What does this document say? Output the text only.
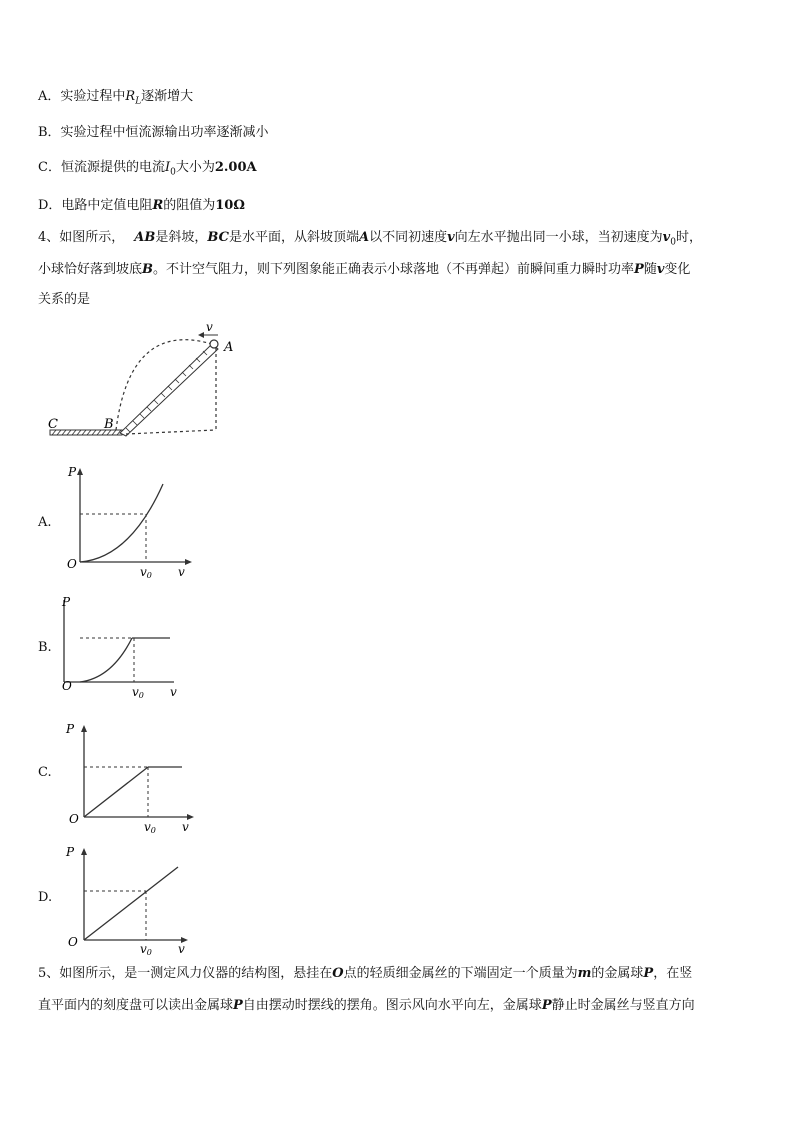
A．实验过程中$R_L$逐渐增大
B．实验过程中恒流源输出功率逐渐减小
C．恒流源提供的电流$I_0$大小为2.00A
D．电路中定值电阻R的阻值为10Ω
4、如图所示， AB是斜坡，BC是水平面，从斜坡顶端A以不同初速度v向左水平抛出同一小球，当初速度为$v_0$时，
小球恰好落到坡底B。不计空气阻力，则下列图象能正确表示小球落地（不再弹起）前瞬间重力瞬时功率P随v变化
关系的是
v
A
B
C
A.
P
O
v0 v
B.
P
O	v0 v
C.
P
O
v0 v
D.
P
O	v0 v
5、如图所示，是一测定风力仪器的结构图，悬挂在O点的轻质细金属丝的下端固定一个质量为m的金属球P，在竖
直平面内的刻度盘可以读出金属球P自由摆动时摆线的摆角。图示风向水平向左，金属球P静止时金属丝与竖直方向
